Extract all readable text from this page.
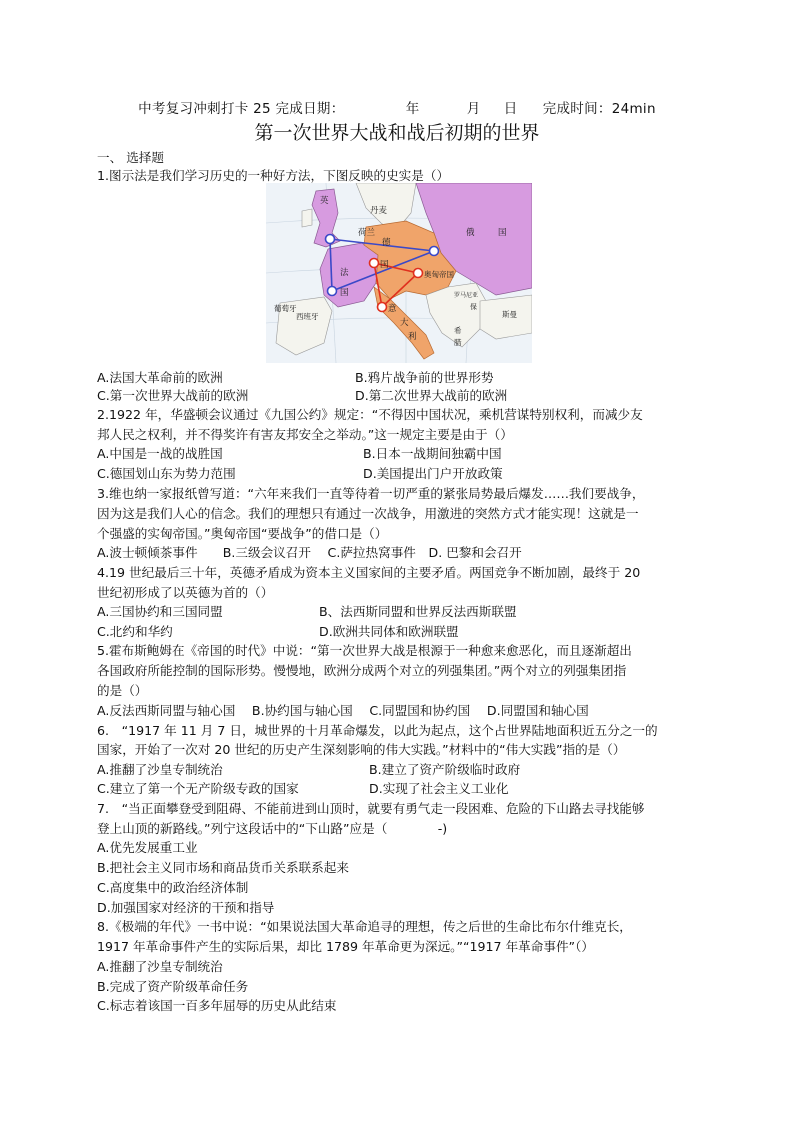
中考复习冲刺打卡 25 完成日期：	年	月 日 完成时间：24min
第一次世界大战和战后初期的世界
一、 选择题
1.图示法是我们学习历史的一种好方法，下图反映的史实是（）
英
丹麦
荷兰
德
俄	国
法
国
国
葡萄牙
西班牙
意
大
利
奥匈帝国
罗马尼亚
保
斯曼
希
腊
A.法国大革命前的欧洲	B.鸦片战争前的世界形势
C.第一次世界大战前的欧洲	D.第二次世界大战前的欧洲
2.1922 年，华盛顿会议通过《九国公约》规定：“不得因中国状况，乘机营谋特别权利，而减少友
邦人民之权利，并不得奖许有害友邦安全之举动。”这一规定主要是由于（）
A.中国是一战的战胜国	B.日本一战期间独霸中国
C.德国划山东为势力范围	D.美国提出门户开放政策
3.维也纳一家报纸曾写道：“六年来我们一直等待着一切严重的紧张局势最后爆发……我们要战争，
因为这是我们人心的信念。我们的理想只有通过一次战争，用激进的突然方式才能实现！这就是一
个强盛的实匈帝国。”奥匈帝国“要战争”的借口是（）
A.波士顿倾茶事件　　B.三级会议召开　 C.萨拉热窝事件　D. 巴黎和会召开
4.19 世纪最后三十年，英德矛盾成为资本主义国家间的主要矛盾。两国竞争不断加剧，最终于 20
世纪初形成了以英德为首的（）
A.三国协约和三国同盟	B、法西斯同盟和世界反法西斯联盟
C.北约和华约	D.欧洲共同体和欧洲联盟
5.霍布斯鲍姆在《帝国的时代》中说：“第一次世界大战是根源于一种愈来愈恶化，而且逐渐超出
各国政府所能控制的国际形势。慢慢地，欧洲分成两个对立的列强集团。”两个对立的列强集团指
的是（）
A.反法西斯同盟与轴心国　 B.协约国与轴心国　 C.同盟国和协约国　 D.同盟国和轴心国
6.　“1917 年 11 月 7 日，城世界的十月革命爆发，以此为起点，这个占世界陆地面积近五分之一的
国家，开始了一次对 20 世纪的历史产生深刻影响的伟大实践。”材料中的“伟大实践”指的是（）
A.推翻了沙皇专制统治	B.建立了资产阶级临时政府
C.建立了第一个无产阶级专政的国家	D.实现了社会主义工业化
7.　“当正面攀登受到阻碍、不能前进到山顶时，就要有勇气走一段困难、危险的下山路去寻找能够
登上山顶的新路线。”列宁这段话中的“下山路”应是（　　　　-)
A.优先发展重工业
B.把社会主义同市场和商品货币关系联系起来
C.高度集中的政治经济体制
D.加强国家对经济的干预和指导
8.《极端的年代》一书中说：“如果说法国大革命追寻的理想，传之后世的生命比布尔什维克长，
1917 年革命事件产生的实际后果，却比 1789 年革命更为深远。”“1917 年革命事件”（）
A.推翻了沙皇专制统治
B.完成了资产阶级革命任务
C.标志着该国一百多年屈辱的历史从此结束
